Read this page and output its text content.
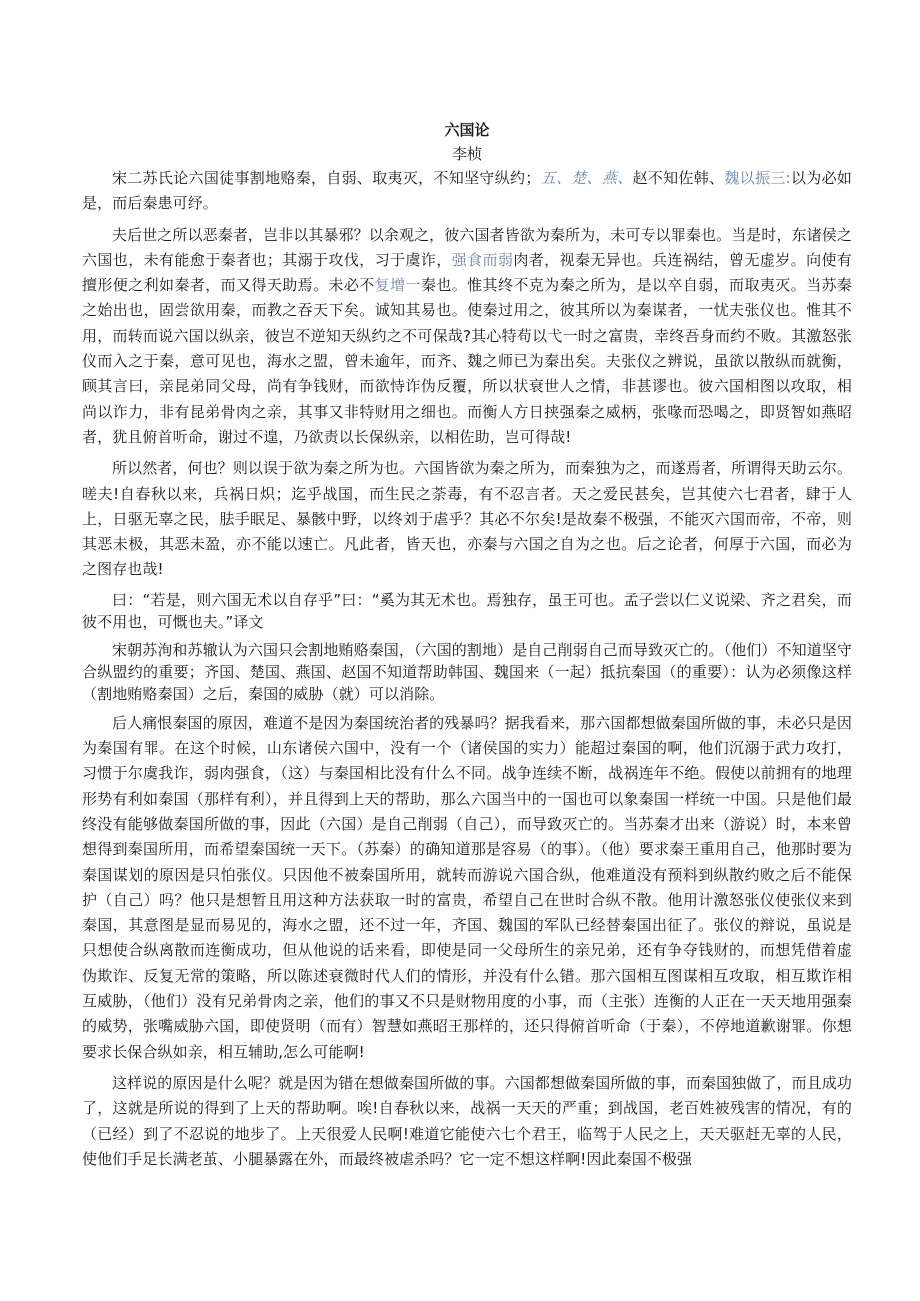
六国论
李桢

宋二苏氏论六国徒事割地赂秦，自弱、取夷灭，不知坚守纵约；五、楚、燕、赵不知佐韩、魏以振三:以为必如是，而后秦患可纾。

夫后世之所以恶秦者，岂非以其暴邪？以余观之，彼六国者皆欲为秦所为，未可专以罪秦也。当是时，东诸侯之六国也，未有能愈于秦者也；其溺于攻伐，习于虞诈，强食而弱肉者，视秦无异也。兵连祸结，曾无虚岁。向使有擅形便之利如秦者，而又得天助焉。未必不复增一秦也。惟其终不克为秦之所为，是以卒自弱，而取夷灭。当苏秦之始出也，固尝欲用秦，而教之吞天下矣。诚知其易也。使秦过用之，彼其所以为秦谋者，一忧夫张仪也。惟其不用，而转而说六国以纵亲，彼岂不逆知天纵约之不可保哉?其心特苟以弋一时之富贵，幸终吾身而约不败。其激怒张仪而入之于秦，意可见也，海水之盟，曾未逾年，而齐、魏之师已为秦出矣。夫张仪之辨说，虽欲以散纵而就衡，顾其言曰，亲昆弟同父母，尚有争钱财，而欲恃诈伪反覆，所以状衰世人之情，非甚谬也。彼六国相图以攻取，相尚以诈力，非有昆弟骨肉之亲，其事又非特财用之细也。而衡人方日挟强秦之威柄，张喙而恐喝之，即贤智如燕昭者，犹且俯首听命，谢过不遑，乃欲责以长保纵亲，以相佐助，岂可得哉!

所以然者，何也？则以误于欲为秦之所为也。六国皆欲为秦之所为，而秦独为之，而遂焉者，所谓得天助云尔。嗟夫!自春秋以来，兵祸日炽；迄乎战国，而生民之荼毒，有不忍言者。天之爱民甚矣，岂其使六七君者，肆于人上，日驱无辜之民，胠手眠足、暴骸中野，以终刘于虐乎？其必不尔矣!是故秦不极强，不能灭六国而帝，不帝，则其恶未极，其恶未盈，亦不能以速亡。凡此者，皆天也，亦秦与六国之自为之也。后之论者，何厚于六国，而必为之图存也哉!

曰：“若是，则六国无术以自存乎”曰：“奚为其无术也。焉独存，虽王可也。孟子尝以仁义说梁、齐之君矣，而彼不用也，可慨也夫。”译文

宋朝苏洵和苏辙认为六国只会割地贿赂秦国，（六国的割地）是自己削弱自己而导致灭亡的。（他们）不知道坚守合纵盟约的重要；齐国、楚国、燕国、赵国不知道帮助韩国、魏国来（一起）抵抗秦国（的重要）：认为必须像这样（割地贿赂秦国）之后，秦国的威胁（就）可以消除。

后人痛恨秦国的原因，难道不是因为秦国统治者的残暴吗？据我看来，那六国都想做秦国所做的事，未必只是因为秦国有罪。在这个时候，山东诸侯六国中，没有一个（诸侯国的实力）能超过秦国的啊，他们沉溺于武力攻打，习惯于尔虞我诈，弱肉强食，（这）与秦国相比没有什么不同。战争连续不断，战祸连年不绝。假使以前拥有的地理形势有利如秦国（那样有利），并且得到上天的帮助，那么六国当中的一国也可以象秦国一样统一中国。只是他们最终没有能够做秦国所做的事，因此（六国）是自己削弱（自己），而导致灭亡的。当苏秦才出来（游说）时，本来曾想得到秦国所用，而希望秦国统一天下。（苏秦）的确知道那是容易（的事）。（他）要求秦王重用自己，他那时要为秦国谋划的原因是只怕张仪。只因他不被秦国所用，就转而游说六国合纵，他难道没有预料到纵散约败之后不能保护（自己）吗？他只是想暂且用这种方法获取一时的富贵，希望自己在世时合纵不散。他用计激怒张仪使张仪来到秦国，其意图是显而易见的，海水之盟，还不过一年，齐国、魏国的军队已经替秦国出征了。张仪的辩说，虽说是只想使合纵离散而连衡成功，但从他说的话来看，即使是同一父母所生的亲兄弟，还有争夺钱财的，而想凭借着虚伪欺诈、反复无常的策略，所以陈述衰微时代人们的情形，并没有什么错。那六国相互图谋相互攻取，相互欺诈相互威胁，（他们）没有兄弟骨肉之亲，他们的事又不只是财物用度的小事，而（主张）连衡的人正在一天天地用强秦的威势，张嘴威胁六国，即使贤明（而有）智慧如燕昭王那样的，还只得俯首听命（于秦），不停地道歉谢罪。你想要求长保合纵如亲，相互辅助,怎么可能啊!

这样说的原因是什么呢？就是因为错在想做秦国所做的事。六国都想做秦国所做的事，而秦国独做了，而且成功了，这就是所说的得到了上天的帮助啊。唉!自春秋以来，战祸一天天的严重；到战国，老百姓被残害的情况，有的（已经）到了不忍说的地步了。上天很爱人民啊!难道它能使六七个君王，临驾于人民之上，天天驱赶无辜的人民，使他们手足长满老茧、小腿暴露在外，而最终被虐杀吗？它一定不想这样啊!因此秦国不极强
